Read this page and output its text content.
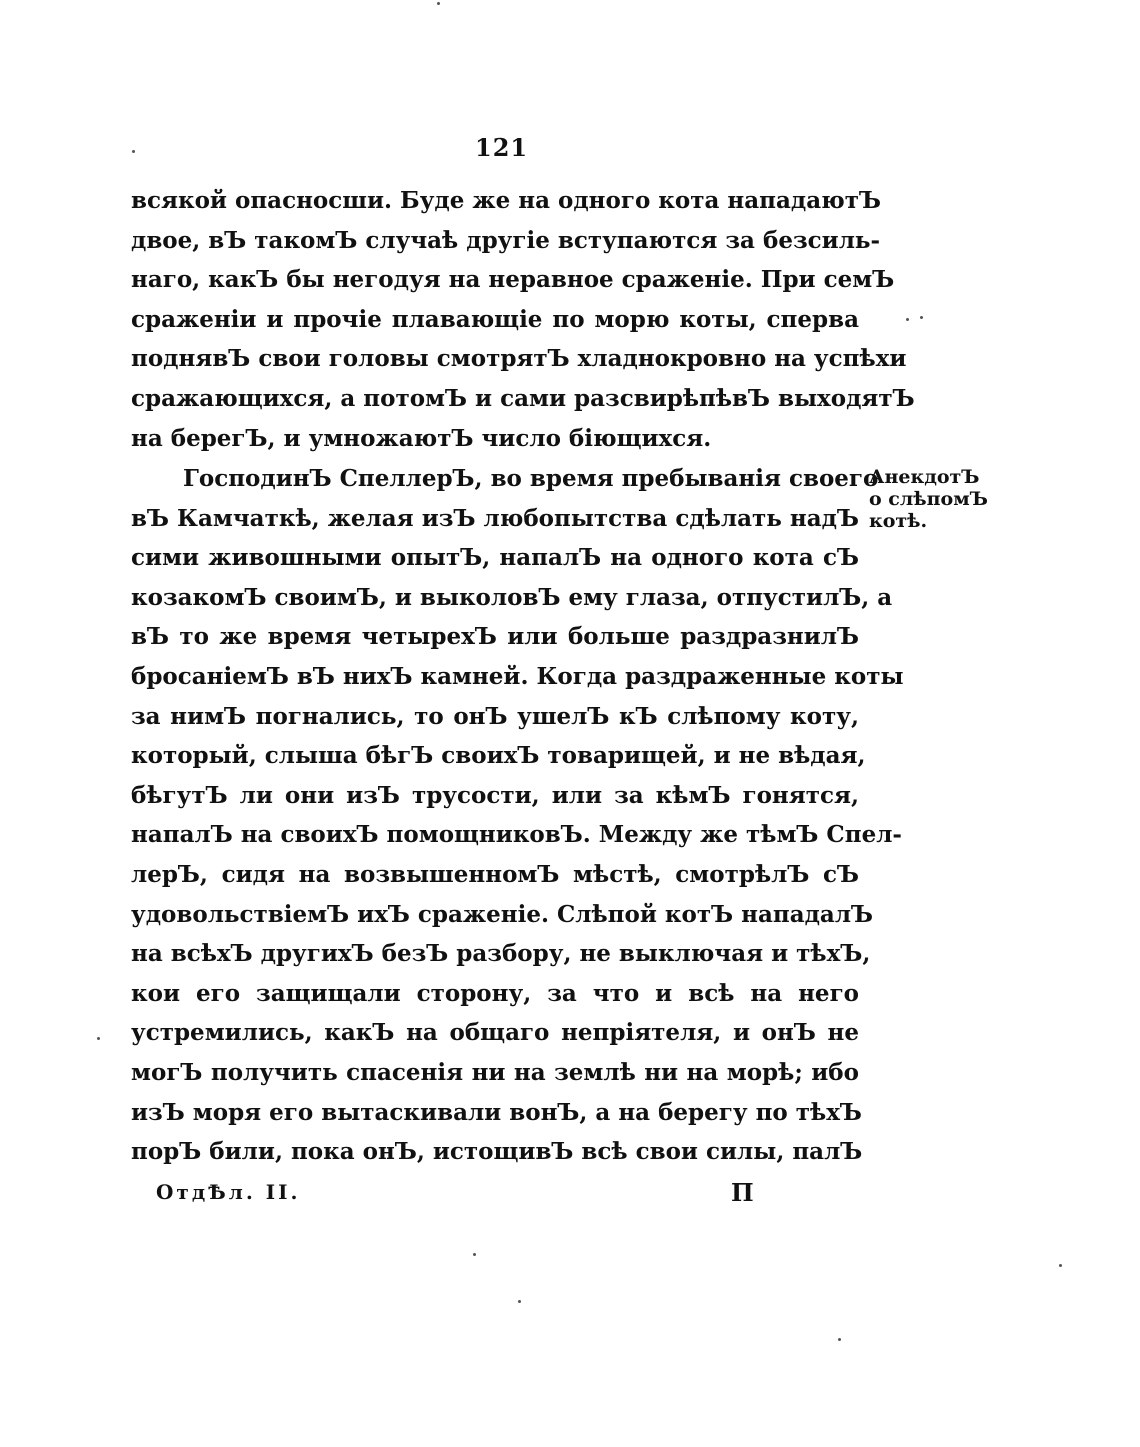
121
всякой опасносши. Буде же на одного кота нападаютЪ
двое, вЪ такомЪ случаѣ другіе вступаются за безсиль-
наго, какЪ бы негодуя на неравное сраженіе. При семЪ
сраженіи и прочіе плавающіе по морю коты, сперва
поднявЪ свои головы смотрятЪ хладнокровно на успѣхи
сражающихся, а потомЪ и сами разсвирѣпѣвЪ выходятЪ
на берегЪ, и умножаютЪ число біющихся.
ГосподинЪ СпеллерЪ, во время пребыванія своего
вЪ Камчаткѣ, желая изЪ любопытства сдѣлать надЪ
сими живошными опытЪ, напалЪ на одного кота сЪ
козакомЪ своимЪ, и выколовЪ ему глаза, отпустилЪ, а
вЪ то же время четырехЪ или больше раздразнилЪ
бросаніемЪ вЪ нихЪ камней. Когда раздраженные коты
за нимЪ погнались, то онЪ ушелЪ кЪ слѣпому коту,
который, слыша бѣгЪ своихЪ товарищей, и не вѣдая,
бѣгутЪ ли они изЪ трусости, или за кѣмЪ гонятся,
напалЪ на своихЪ помощниковЪ. Между же тѣмЪ Спел-
лерЪ, сидя на возвышенномЪ мѣстѣ, смотрѣлЪ сЪ
удовольствіемЪ ихЪ сраженіе. Слѣпой котЪ нападалЪ
на всѣхЪ другихЪ безЪ разбору, не выключая и тѣхЪ,
кои его защищали сторону, за что и всѣ на него
устремились, какЪ на общаго непріятеля, и онЪ не
могЪ получить спасенія ни на землѣ ни на морѣ; ибо
изЪ моря его вытаскивали вонЪ, а на берегу по тѣхЪ
порЪ били, пока онЪ, истощивЪ всѣ свои силы, палЪ
АнекдотЪ
о слѣпомЪ
котѣ.
ОтдѢл. II.	П
